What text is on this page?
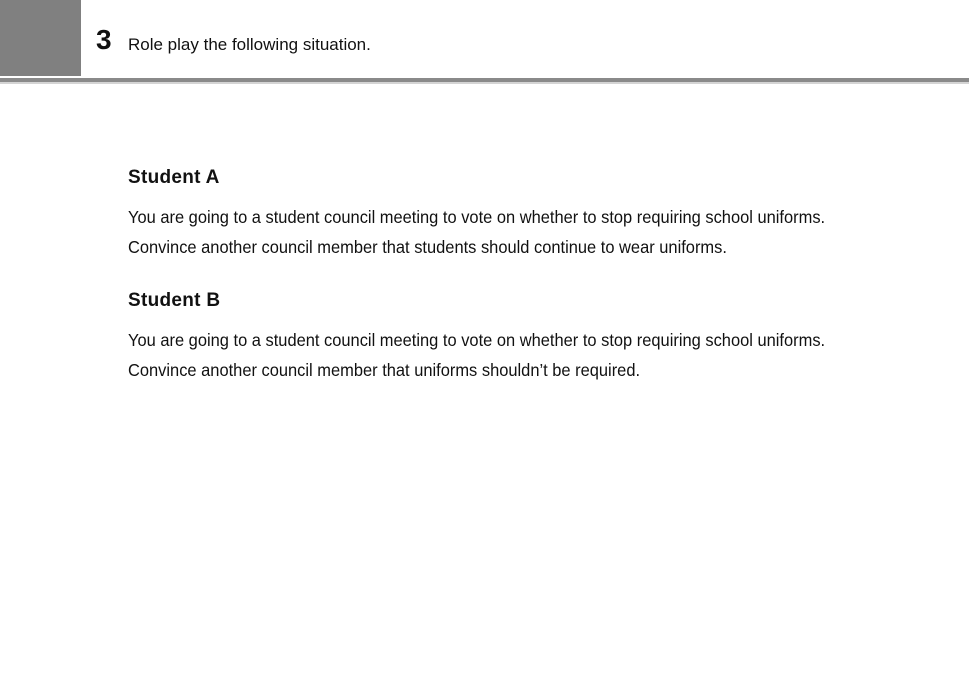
3 Role play the following situation.
Student A

You are going to a student council meeting to vote on whether to stop requiring school uniforms.

Convince another council member that students should continue to wear uniforms.

Student B

You are going to a student council meeting to vote on whether to stop requiring school uniforms.

Convince another council member that uniforms shouldn’t be required.
